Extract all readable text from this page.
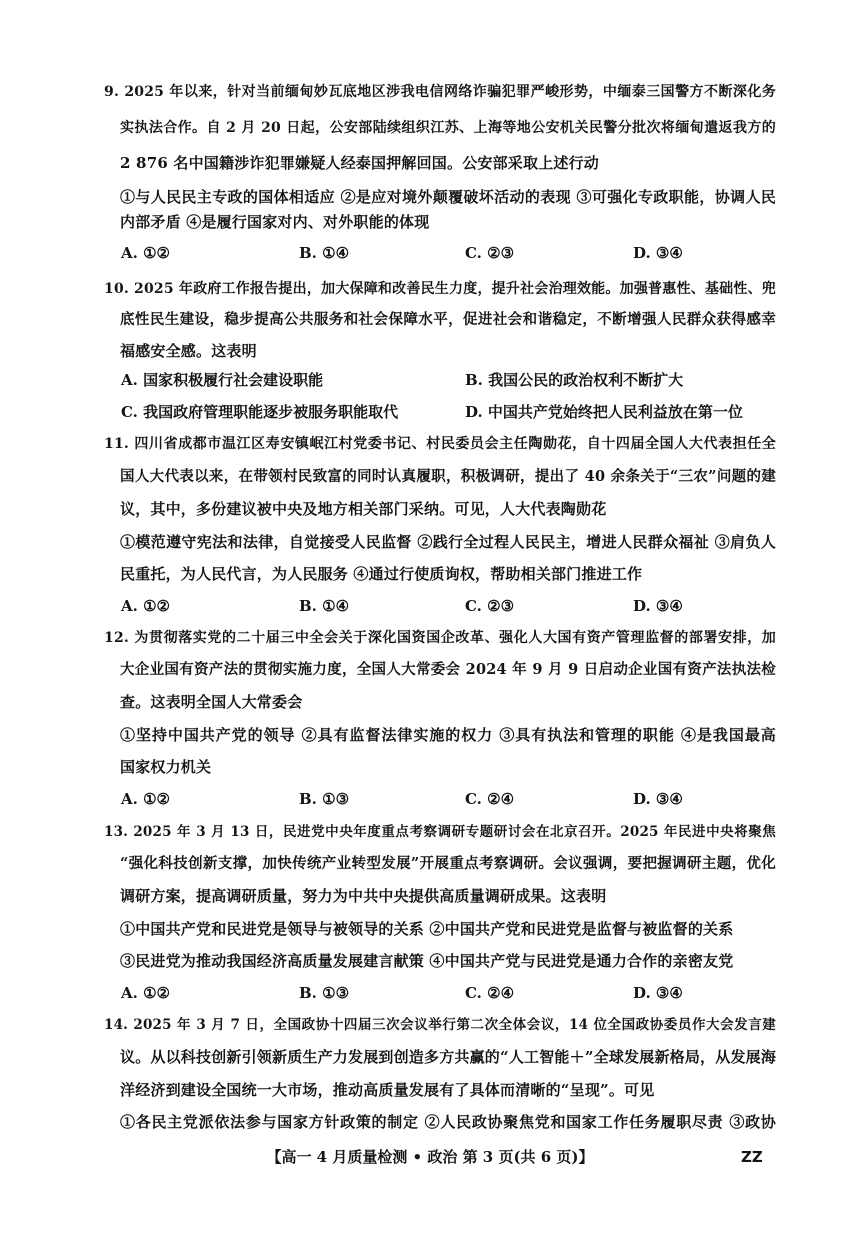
9. 2025 年以来，针对当前缅甸妙瓦底地区涉我电信网络诈骗犯罪严峻形势，中缅泰三国警方不断深化务
实执法合作。自 2 月 20 日起，公安部陆续组织江苏、上海等地公安机关民警分批次将缅甸遣返我方的
2 876 名中国籍涉诈犯罪嫌疑人经泰国押解回国。公安部采取上述行动
①与人民民主专政的国体相适应 ②是应对境外颠覆破坏活动的表现 ③可强化专政职能，协调人民
内部矛盾 ④是履行国家对内、对外职能的体现
A. ①②	B. ①④	C. ②③	D. ③④
10. 2025 年政府工作报告提出，加大保障和改善民生力度，提升社会治理效能。加强普惠性、基础性、兜
底性民生建设，稳步提高公共服务和社会保障水平，促进社会和谐稳定，不断增强人民群众获得感幸
福感安全感。这表明
A. 国家积极履行社会建设职能	B. 我国公民的政治权利不断扩大
C. 我国政府管理职能逐步被服务职能取代	D. 中国共产党始终把人民利益放在第一位
11. 四川省成都市温江区寿安镇岷江村党委书记、村民委员会主任陶勋花，自十四届全国人大代表担任全
国人大代表以来，在带领村民致富的同时认真履职，积极调研，提出了 40 余条关于“三农”问题的建
议，其中，多份建议被中央及地方相关部门采纳。可见，人大代表陶勋花
①模范遵守宪法和法律，自觉接受人民监督 ②践行全过程人民民主，增进人民群众福祉 ③肩负人
民重托，为人民代言，为人民服务 ④通过行使质询权，帮助相关部门推进工作
A. ①②	B. ①④	C. ②③	D. ③④
12. 为贯彻落实党的二十届三中全会关于深化国资国企改革、强化人大国有资产管理监督的部署安排，加
大企业国有资产法的贯彻实施力度，全国人大常委会 2024 年 9 月 9 日启动企业国有资产法执法检
查。这表明全国人大常委会
①坚持中国共产党的领导 ②具有监督法律实施的权力 ③具有执法和管理的职能 ④是我国最高
国家权力机关
A. ①②	B. ①③	C. ②④	D. ③④
13. 2025 年 3 月 13 日，民进党中央年度重点考察调研专题研讨会在北京召开。2025 年民进中央将聚焦
“强化科技创新支撑，加快传统产业转型发展”开展重点考察调研。会议强调，要把握调研主题，优化
调研方案，提高调研质量，努力为中共中央提供高质量调研成果。这表明
①中国共产党和民进党是领导与被领导的关系 ②中国共产党和民进党是监督与被监督的关系
③民进党为推动我国经济高质量发展建言献策 ④中国共产党与民进党是通力合作的亲密友党
A. ①②	B. ①③	C. ②④	D. ③④
14. 2025 年 3 月 7 日，全国政协十四届三次会议举行第二次全体会议，14 位全国政协委员作大会发言建
议。从以科技创新引领新质生产力发展到创造多方共赢的“人工智能＋”全球发展新格局，从发展海
洋经济到建设全国统一大市场，推动高质量发展有了具体而清晰的“呈现”。可见
①各民主党派依法参与国家方针政策的制定 ②人民政协聚焦党和国家工作任务履职尽责 ③政协
【高一 4 月质量检测 • 政治 第 3 页(共 6 页)】	ZZ
